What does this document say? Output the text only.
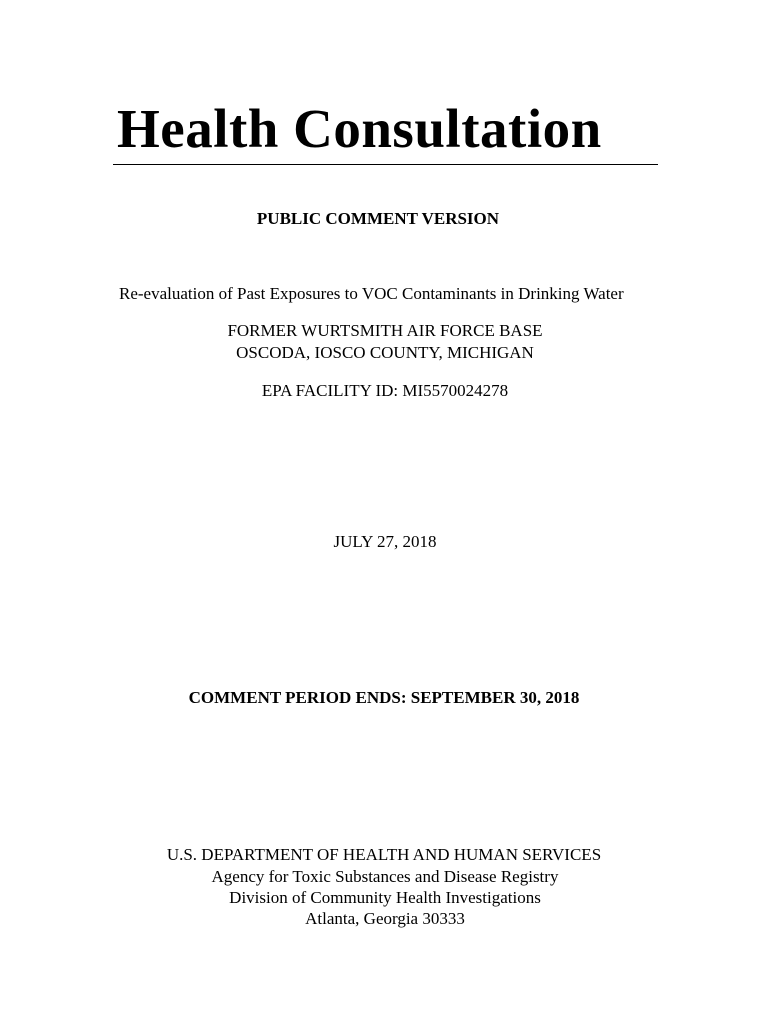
Health Consultation
PUBLIC COMMENT VERSION
Re-evaluation of Past Exposures to VOC Contaminants in Drinking Water
FORMER WURTSMITH AIR FORCE BASE
OSCODA, IOSCO COUNTY, MICHIGAN
EPA FACILITY ID: MI5570024278
JULY 27, 2018
COMMENT PERIOD ENDS: SEPTEMBER 30, 2018
U.S. DEPARTMENT OF HEALTH AND HUMAN SERVICES
Agency for Toxic Substances and Disease Registry
Division of Community Health Investigations
Atlanta, Georgia 30333
